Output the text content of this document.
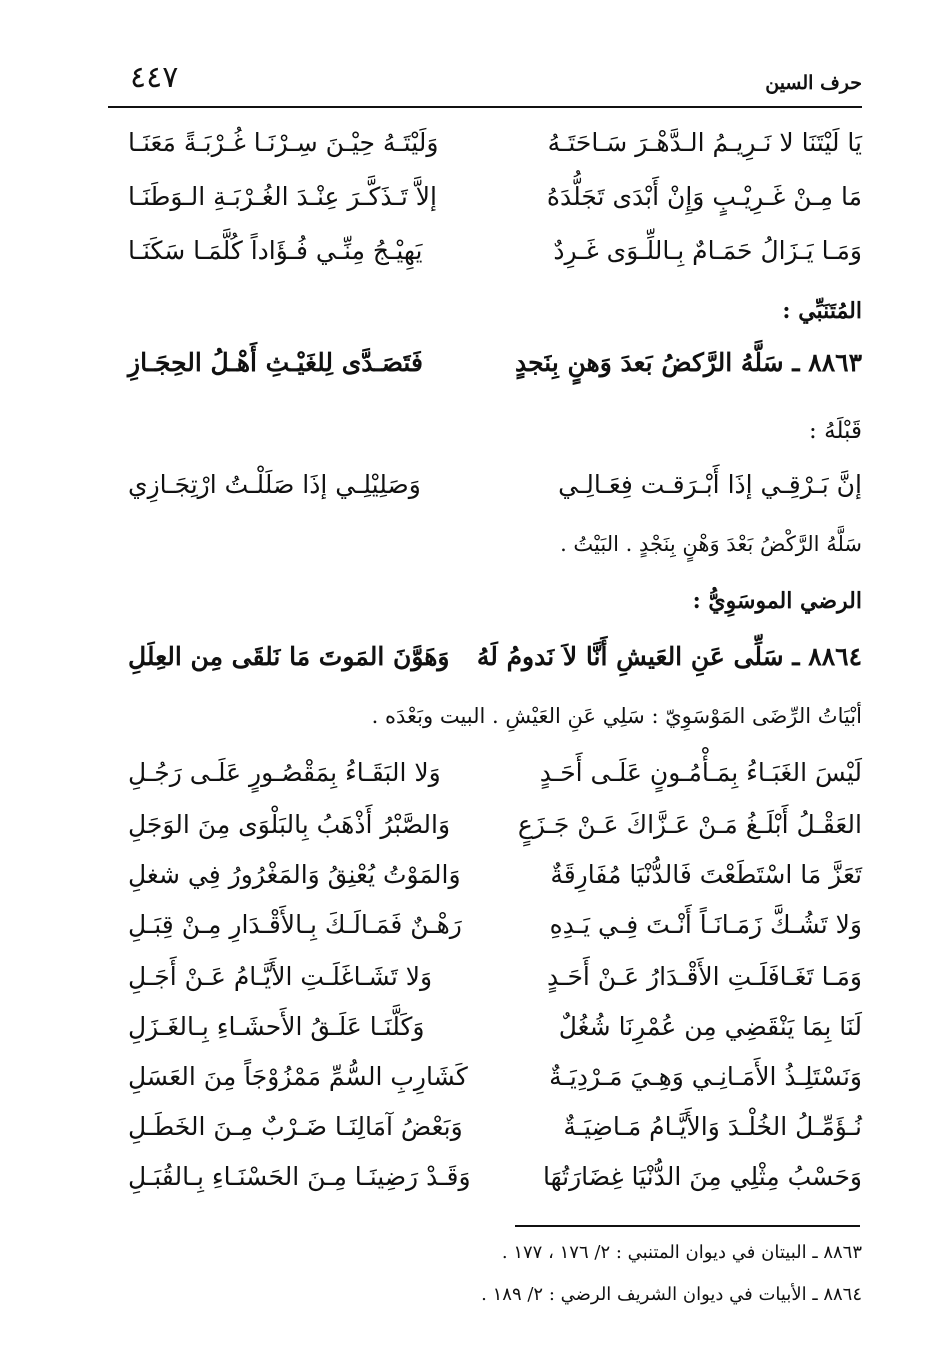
٤٤٧	حرف السين
يَا لَيْتَنَا لا نَـرِيـمُ الـدَّهْـرَ سَـاحَتَـهُ
وَلَيْتَـهُ حِيْـنَ سِـرْنَـا غُـرْبَـةً مَعَنَـا
مَا مِـنْ غَـرِيْـبٍ وَإِنْ أَبْدَى تَجَلُّدَهُ
إلاَّ تَـذَكَّـرَ عِنْـدَ الغُـرْبَـةِ الـوَطَنَـا
وَمَـا يَـزَالُ حَمَـامٌ بِـاللِّـوَى غَـرِدٌ
يَهِيْـجُ مِنِّـي فُـؤَاداً كُلَّمَـا سَكَنَـا
المُتَنَبِّي :
٨٨٦٣ ـ سَلَّهُ الرَّكضُ بَعدَ وَهنٍ بِنَجدٍ
فَتَصَـدَّى لِلغَيْـثِ أَهْـلُ الحِجَـازِ
قَبْلَهُ :
إنَّ بَـرْقِـي إذَا أَبْـرَقـت فِعَـالِـي
وَصَلِيْلِـي إذَا صَلَلْـتُ ارْتِجَـازِي
سَلَّهُ الرَّكْضُ بَعْدَ وَهْنٍ بِنَجْدٍ . البَيْتُ .
الرضي الموسَوِيُّ :
٨٨٦٤ ـ سَلِّى عَنِ العَيشِ أَنَّا لاَ نَدومُ لَهُ
وَهَوَّنَ المَوتَ مَا نَلقَى مِن العِلَلِ
أبْيَاتُ الرِّضَى المَوْسَوِيّ : سَلِي عَنِ العَيْشِ . البيت وبَعْدَه .
لَيْسَ الغَبَـاءُ بِمَـأْمُـونٍ عَلَـى أَحَـدٍ
وَلا البَقَـاءُ بِمَقْصُـورٍ عَلَـى رَجُـلِ
العَقْـلُ أَبْلَـغُ مَـنْ عَـزَّاكَ عَـنْ جَـزَعٍ
وَالصَّبْرُ أَذْهَبُ بِالبَلْوَى مِنَ الوَجَلِ
تَعَزَّ مَا اسْتَطَعْتَ فَالدُّنْيَا مُفَارِقَةٌ
وَالمَوْتُ يُعْنِقُ وَالمَغْرُورُ فِي شغلِ
وَلا تَشُـكَّ زَمَـانَـاً أَنْـتَ فِـي يَـدِهِ
رَهْـنٌ فَمَـالَـكَ بِـالأَقْـدَارِ مِـنْ قِبَـلِ
وَمَـا تَغَـافَلَـتِ الأَقْـدَارُ عَـنْ أَحَـدٍ
وَلا تَشَـاغَلَـتِ الأَيَّـامُ عَـنْ أَجَـلِ
لَنَا بِمَا يَنْقَضِي مِن عُمْرِنَا شُغُلٌ
وَكَلَّنَـا عَلَـقُ الأَحشَـاءِ بِـالغَـزَلِ
وَنَسْتَلِـذُ الأَمَـانِـي وَهِـيَ مَـرْدِيَـةٌ
كَشَارِبِ السُّمِّ مَمْزُوْجَاً مِنَ العَسَلِ
نُـؤَمِّـلُ الخُلْـدَ وَالأَيَّـامُ مَـاضِيَـةٌ
وَبَعْضُ آمَالِنَـا ضَـرْبٌ مِـنَ الخَطَـلِ
وَحَسْبُ مِثْلِي مِنَ الدُّنْيَا غِضَارَتُهَا
وَقَـدْ رَضِينَـا مِـنَ الحَسْنَـاءِ بِـالقُبَـلِ
٨٨٦٣ ـ البيتان في ديوان المتنبي : ٢/ ١٧٦ ، ١٧٧ .
٨٨٦٤ ـ الأبيات في ديوان الشريف الرضي : ٢/ ١٨٩ .
